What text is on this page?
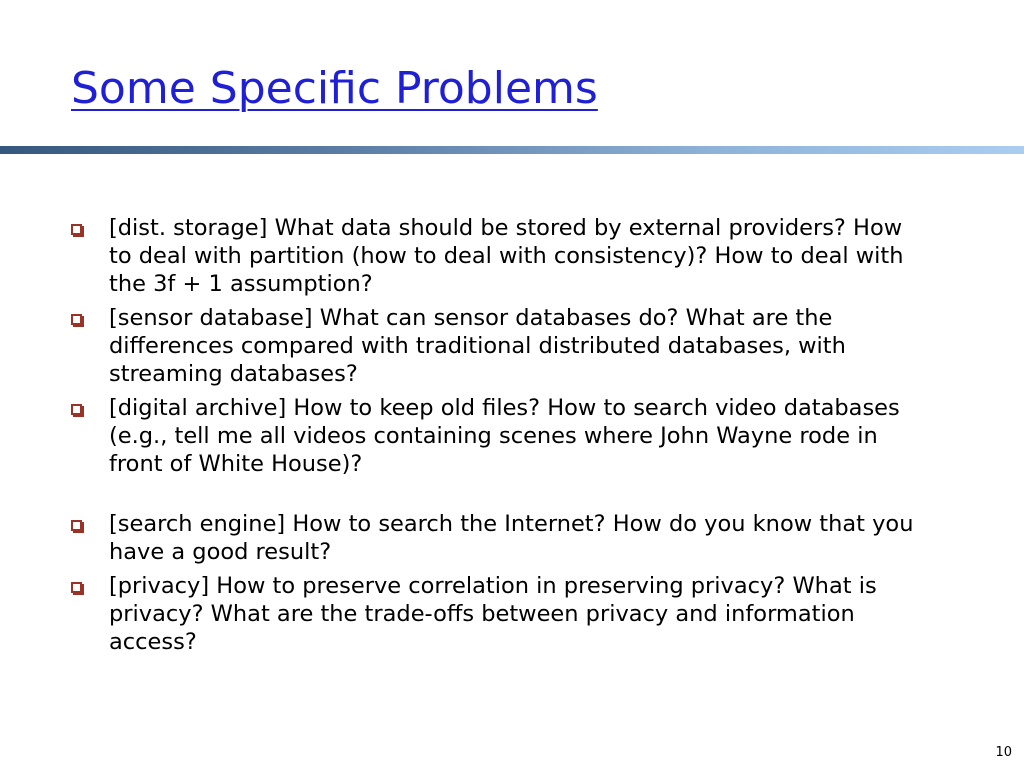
Some Specific Problems
[dist. storage] What data should be stored by external providers? How to deal with partition (how to deal with consistency)? How to deal with the 3f + 1 assumption?
[sensor database] What can sensor databases do? What are the differences compared with traditional distributed databases, with streaming databases?
[digital archive] How to keep old files? How to search video databases (e.g., tell me all videos containing scenes where John Wayne rode in front of White House)?
[search engine] How to search the Internet? How do you know that you have a good result?
[privacy] How to preserve correlation in preserving privacy? What is privacy? What are the trade-offs between privacy and information access?
10
